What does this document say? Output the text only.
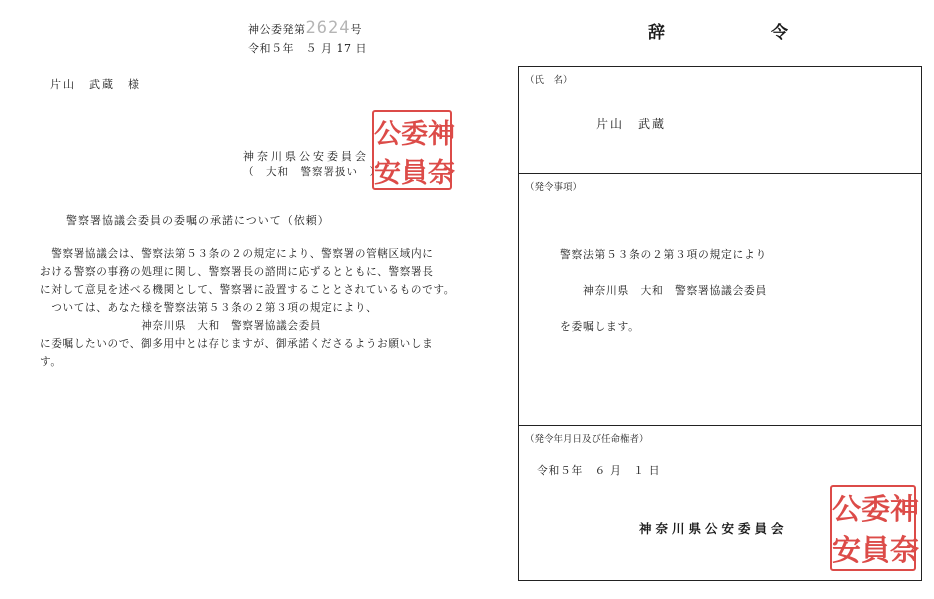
神公委発第2624号
令和５年　５ 月 17 日
片山　武蔵　様
神奈川県公安委員会
（　大和　警察署扱い　）
公 委 神
安 員 奈
警察署協議会委員の委嘱の承諾について（依頼）
　警察署協議会は、警察法第５３条の２の規定により、警察署の管轄区域内に
おける警察の事務の処理に関し、警察署長の諮問に応ずるとともに、警察署長
に対して意見を述べる機関として、警察署に設置することとされているものです。
　ついては、あなた様を警察法第５３条の２第３項の規定により、
　　　　　　　　　神奈川県　大和　警察署協議会委員
に委嘱したいので、御多用中とは存じますが、御承諾くださるようお願いしま
す。
辞	令
（氏　名）
片山　武蔵
（発令事項）
警察法第５３条の２第３項の規定により
神奈川県　大和　警察署協議会委員
を委嘱します。
（発令年月日及び任命権者）
令和５年　６ 月　１ 日
神奈川県公安委員会
公 委 神
安 員 奈
